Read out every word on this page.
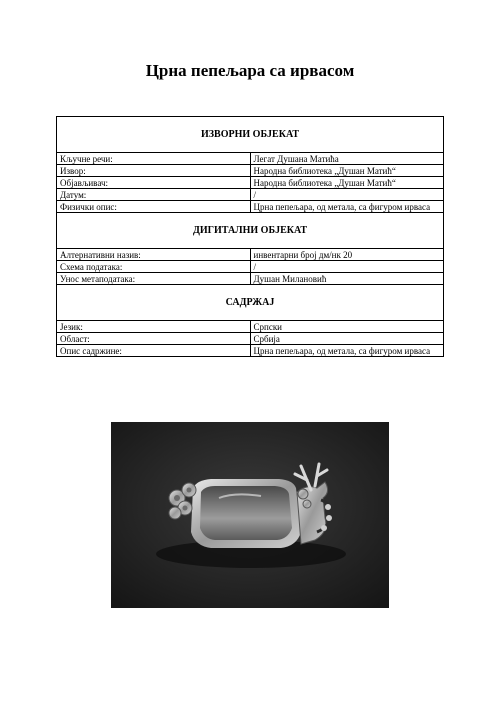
Црна пепељара са ирвасом
ИЗВОРНИ ОБЈЕКАТ	
Кључне речи:	Легат Душана Матића
Извор:	Народна библиотека „Душан Матић“
Објављивач:	Народна библиотека „Душан Матић“
Датум:	/
Физички опис:	Црна пепељара, од метала, са фигуром ирваса
ДИГИТАЛНИ ОБЈЕКАТ	
Алтернативни назив:	инвентарни број дм/нк 20
Схема података:	/
Унос метаподатака:	Душан Милановић
САДРЖАЈ	
Језик:	Српски
Област:	Србија
Опис садржине:	Црна пепељара, од метала, са фигуром ирваса
